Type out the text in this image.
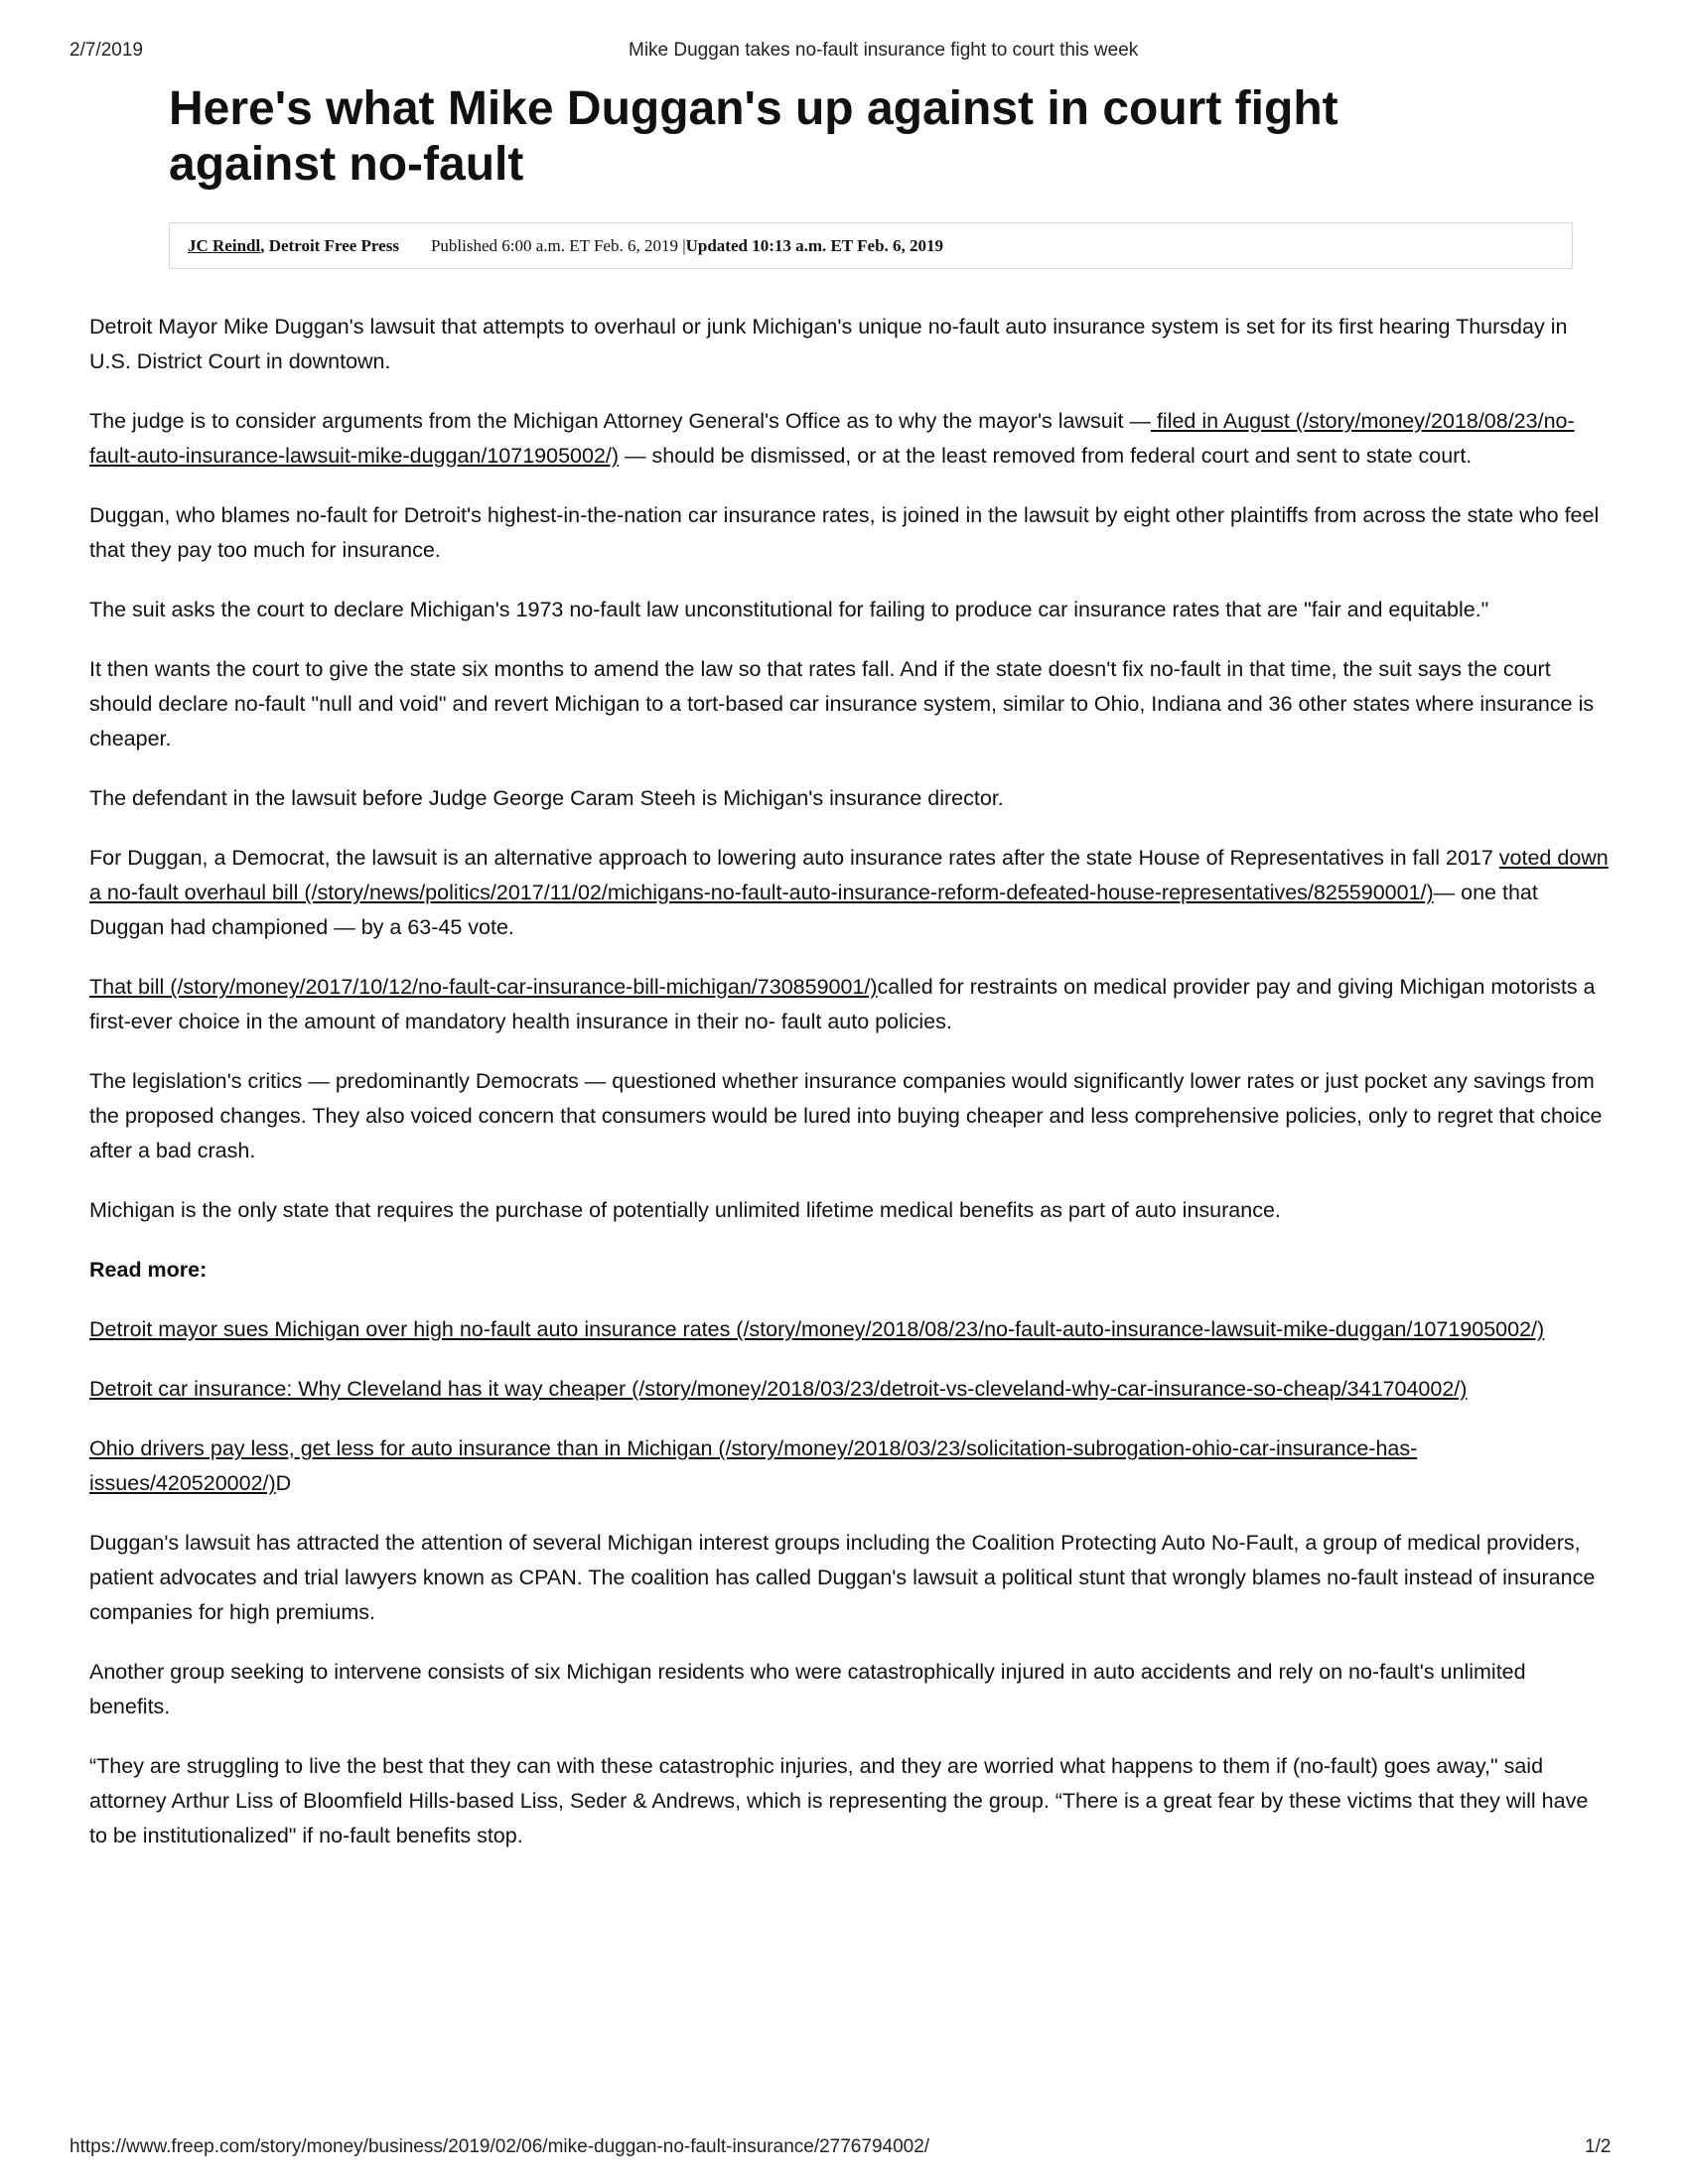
2/7/2019	Mike Duggan takes no-fault insurance fight to court this week
Here's what Mike Duggan's up against in court fight against no-fault
JC Reindl , Detroit Free Press Published 6:00 a.m. ET Feb. 6, 2019 | Updated 10:13 a.m. ET Feb. 6, 2019

Detroit Mayor Mike Duggan's lawsuit that attempts to overhaul or junk Michigan's unique no-fault auto insurance system is set for its first hearing Thursday in U.S. District Court in downtown.

The judge is to consider arguments from the Michigan Attorney General's Office as to why the mayor's lawsuit — filed in August (/story/money/2018/08/23/no-fault-auto-insurance-lawsuit-mike-duggan/1071905002/) — should be dismissed, or at the least removed from federal court and sent to state court.

Duggan, who blames no-fault for Detroit's highest-in-the-nation car insurance rates, is joined in the lawsuit by eight other plaintiffs from across the state who feel that they pay too much for insurance.

The suit asks the court to declare Michigan's 1973 no-fault law unconstitutional for failing to produce car insurance rates that are "fair and equitable."

It then wants the court to give the state six months to amend the law so that rates fall. And if the state doesn't fix no-fault in that time, the suit says the court should declare no-fault "null and void" and revert Michigan to a tort-based car insurance system, similar to Ohio, Indiana and 36 other states where insurance is cheaper.

The defendant in the lawsuit before Judge George Caram Steeh is Michigan's insurance director.

For Duggan, a Democrat, the lawsuit is an alternative approach to lowering auto insurance rates after the state House of Representatives in fall 2017 voted down a no-fault overhaul bill (/story/news/politics/2017/11/02/michigans-no-fault-auto-insurance-reform-defeated-house-representatives/825590001/)— one that Duggan had championed — by a 63-45 vote.

That bill (/story/money/2017/10/12/no-fault-car-insurance-bill-michigan/730859001/)called for restraints on medical provider pay and giving Michigan motorists a first-ever choice in the amount of mandatory health insurance in their no- fault auto policies.

The legislation's critics — predominantly Democrats — questioned whether insurance companies would significantly lower rates or just pocket any savings from the proposed changes. They also voiced concern that consumers would be lured into buying cheaper and less comprehensive policies, only to regret that choice after a bad crash.

Michigan is the only state that requires the purchase of potentially unlimited lifetime medical benefits as part of auto insurance.

Read more:

Detroit mayor sues Michigan over high no-fault auto insurance rates (/story/money/2018/08/23/no-fault-auto-insurance-lawsuit-mike-duggan/1071905002/)

Detroit car insurance: Why Cleveland has it way cheaper (/story/money/2018/03/23/detroit-vs-cleveland-why-car-insurance-so-cheap/341704002/)

Ohio drivers pay less, get less for auto insurance than in Michigan (/story/money/2018/03/23/solicitation-subrogation-ohio-car-insurance-has-issues/420520002/)D

Duggan's lawsuit has attracted the attention of several Michigan interest groups including the Coalition Protecting Auto No-Fault, a group of medical providers, patient advocates and trial lawyers known as CPAN. The coalition has called Duggan's lawsuit a political stunt that wrongly blames no-fault instead of insurance companies for high premiums.

Another group seeking to intervene consists of six Michigan residents who were catastrophically injured in auto accidents and rely on no-fault's unlimited benefits.

“They are struggling to live the best that they can with these catastrophic injuries, and they are worried what happens to them if (no-fault) goes away," said attorney Arthur Liss of Bloomfield Hills-based Liss, Seder & Andrews, which is representing the group. “There is a great fear by these victims that they will have to be institutionalized" if no-fault benefits stop.

https://www.freep.com/story/money/business/2019/02/06/mike-duggan-no-fault-insurance/2776794002/	1/2
